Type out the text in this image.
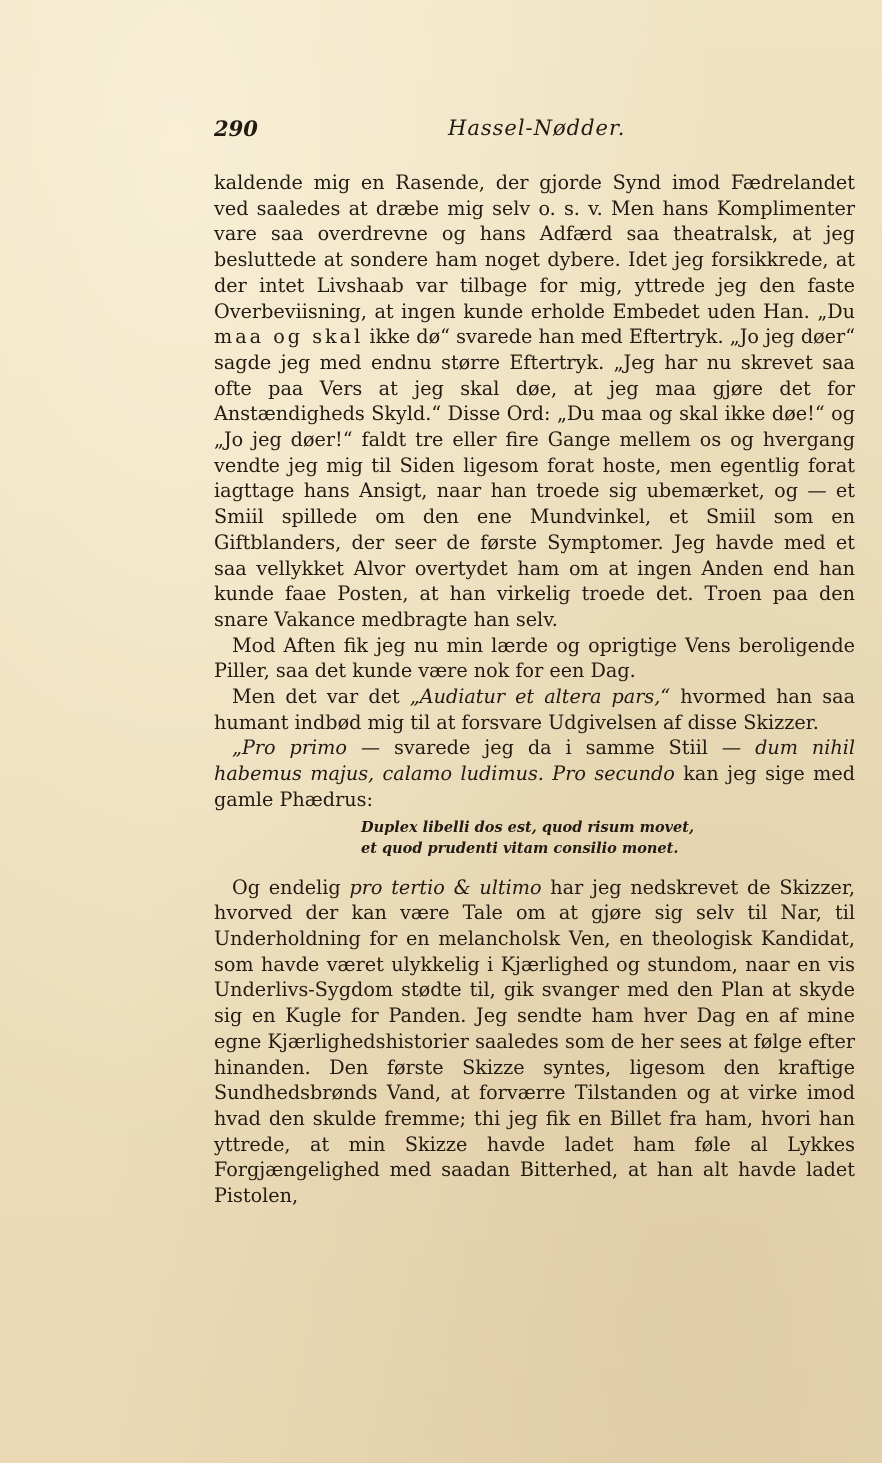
290	Hassel-Nødder.

kaldende mig en Rasende, der gjorde Synd imod Fædrelandet ved saaledes at dræbe mig selv o. s. v. Men hans Komplimenter vare saa overdrevne og hans Adfærd saa theatralsk, at jeg besluttede at sondere ham noget dybere. Idet jeg forsikkrede, at der intet Livshaab var tilbage for mig, yttrede jeg den faste Overbeviisning, at ingen kunde erholde Embedet uden Han. „Du maa og skal ikke dø“ svarede han med Eftertryk. „Jo jeg døer“ sagde jeg med endnu større Eftertryk. „Jeg har nu skrevet saa ofte paa Vers at jeg skal døe, at jeg maa gjøre det for Anstændigheds Skyld.“ Disse Ord: „Du maa og skal ikke døe!“ og „Jo jeg døer!“ faldt tre eller fire Gange mellem os og hvergang vendte jeg mig til Siden ligesom forat hoste, men egentlig forat iagttage hans Ansigt, naar han troede sig ubemærket, og — et Smiil spillede om den ene Mundvinkel, et Smiil som en Giftblanders, der seer de første Symptomer. Jeg havde med et saa vellykket Alvor overtydet ham om at ingen Anden end han kunde faae Posten, at han virkelig troede det. Troen paa den snare Vakance medbragte han selv.

Mod Aften fik jeg nu min lærde og oprigtige Vens beroligende Piller, saa det kunde være nok for een Dag.

Men det var det „Audiatur et altera pars,“ hvormed han saa humant indbød mig til at forsvare Udgivelsen af disse Skizzer.

„Pro primo — svarede jeg da i samme Stiil — dum nihil habemus majus, calamo ludimus. Pro secundo kan jeg sige med gamle Phædrus:

Duplex libelli dos est, quod risum movet,
et quod prudenti vitam consilio monet.

Og endelig pro tertio & ultimo har jeg nedskrevet de Skizzer, hvorved der kan være Tale om at gjøre sig selv til Nar, til Underholdning for en melancholsk Ven, en theologisk Kandidat, som havde været ulykkelig i Kjærlighed og stundom, naar en vis Underlivs-Sygdom stødte til, gik svanger med den Plan at skyde sig en Kugle for Panden. Jeg sendte ham hver Dag en af mine egne Kjærlighedshistorier saaledes som de her sees at følge efter hinanden. Den første Skizze syntes, ligesom den kraftige Sundhedsbrønds Vand, at forværre Tilstanden og at virke imod hvad den skulde fremme; thi jeg fik en Billet fra ham, hvori han yttrede, at min Skizze havde ladet ham føle al Lykkes Forgjængelighed med saadan Bitterhed, at han alt havde ladet Pistolen,
